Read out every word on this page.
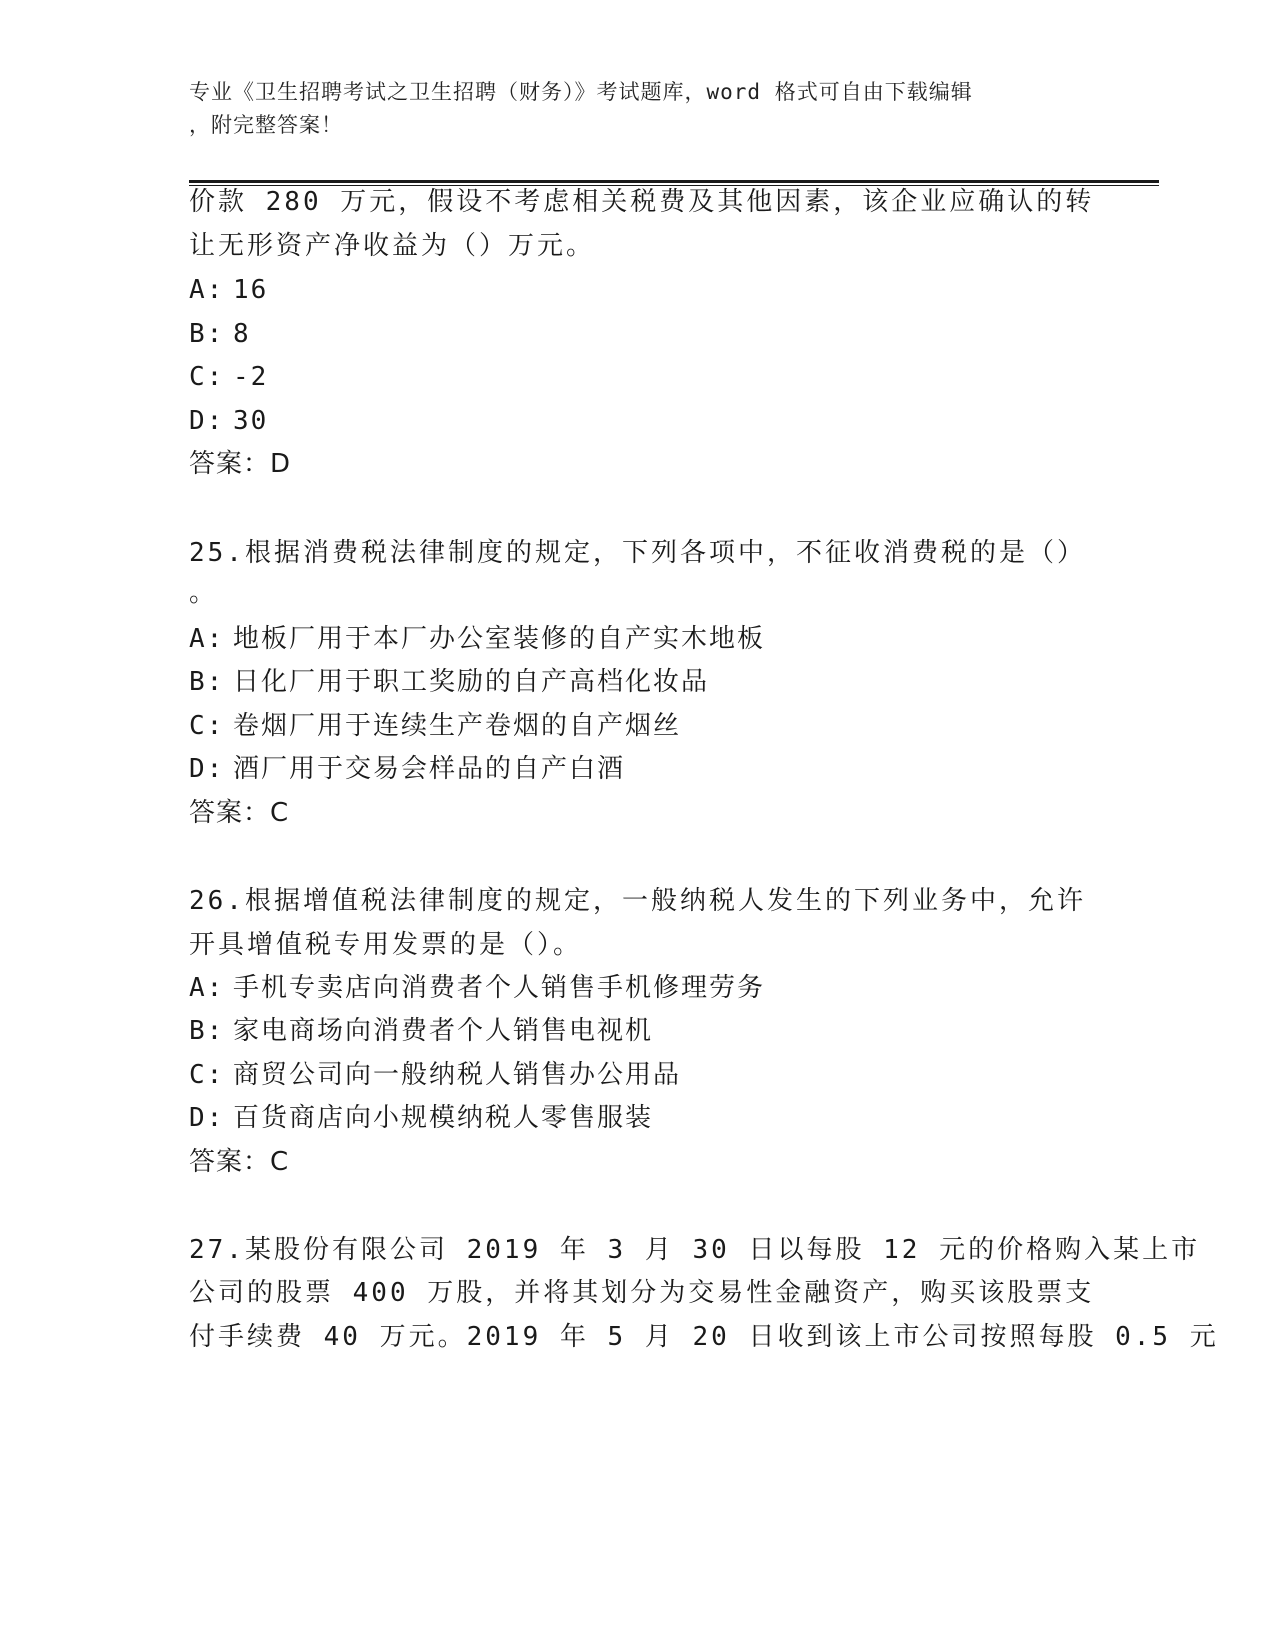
专业《卫生招聘考试之卫生招聘（财务）》考试题库，word 格式可自由下载编辑
，附完整答案！
价款 280 万元，假设不考虑相关税费及其他因素，该企业应确认的转
让无形资产净收益为（）万元。
A: 16
B: 8
C: -2
D: 30
答案：D
25.根据消费税法律制度的规定，下列各项中，不征收消费税的是（）
。
A: 地板厂用于本厂办公室装修的自产实木地板
B: 日化厂用于职工奖励的自产高档化妆品
C: 卷烟厂用于连续生产卷烟的自产烟丝
D: 酒厂用于交易会样品的自产白酒
答案：C
26.根据增值税法律制度的规定，一般纳税人发生的下列业务中，允许
开具增值税专用发票的是（）。
A: 手机专卖店向消费者个人销售手机修理劳务
B: 家电商场向消费者个人销售电视机
C: 商贸公司向一般纳税人销售办公用品
D: 百货商店向小规模纳税人零售服装
答案：C
27.某股份有限公司 2019 年 3 月 30 日以每股 12 元的价格购入某上市
公司的股票 400 万股，并将其划分为交易性金融资产，购买该股票支
付手续费 40 万元。2019 年 5 月 20 日收到该上市公司按照每股 0.5 元
